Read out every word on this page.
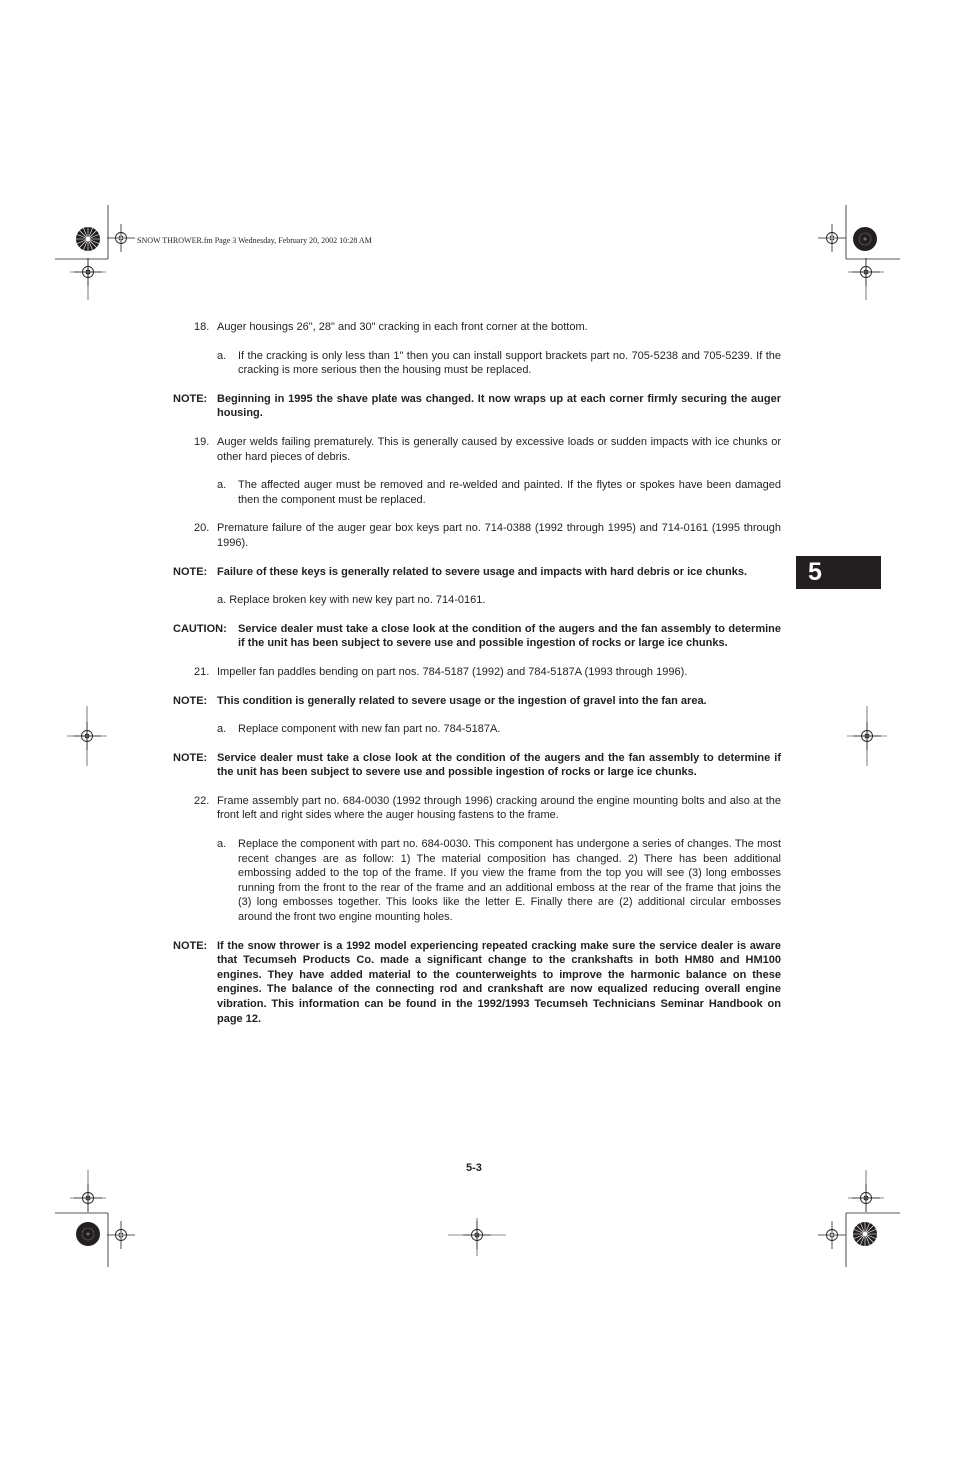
SNOW THROWER.fm Page 3 Wednesday, February 20, 2002 10:28 AM
18. Auger housings 26", 28" and 30" cracking in each front corner at the bottom.
a. If the cracking is only less than 1" then you can install support brackets part no. 705-5238 and 705-5239. If the cracking is more serious then the housing must be replaced.
NOTE: Beginning in 1995 the shave plate was changed. It now wraps up at each corner firmly securing the auger housing.
19. Auger welds failing prematurely. This is generally caused by excessive loads or sudden impacts with ice chunks or other hard pieces of debris.
a. The affected auger must be removed and re-welded and painted. If the flytes or spokes have been damaged then the component must be replaced.
20. Premature failure of the auger gear box keys part no. 714-0388 (1992 through 1995) and 714-0161 (1995 through 1996).
NOTE: Failure of these keys is generally related to severe usage and impacts with hard debris or ice chunks.
a. Replace broken key with new key part no. 714-0161.
CAUTION: Service dealer must take a close look at the condition of the augers and the fan assembly to determine if the unit has been subject to severe use and possible ingestion of rocks or large ice chunks.
21. Impeller fan paddles bending on part nos. 784-5187 (1992) and 784-5187A (1993 through 1996).
NOTE: This condition is generally related to severe usage or the ingestion of gravel into the fan area.
a. Replace component with new fan part no. 784-5187A.
NOTE: Service dealer must take a close look at the condition of the augers and the fan assembly to determine if the unit has been subject to severe use and possible ingestion of rocks or large ice chunks.
22. Frame assembly part no. 684-0030 (1992 through 1996) cracking around the engine mounting bolts and also at the front left and right sides where the auger housing fastens to the frame.
a. Replace the component with part no. 684-0030. This component has undergone a series of changes. The most recent changes are as follow: 1) The material composition has changed. 2) There has been additional embossing added to the top of the frame. If you view the frame from the top you will see (3) long embosses running from the front to the rear of the frame and an additional emboss at the rear of the frame that joins the (3) long embosses together. This looks like the letter E. Finally there are (2) additional circular embosses around the front two engine mounting holes.
NOTE: If the snow thrower is a 1992 model experiencing repeated cracking make sure the service dealer is aware that Tecumseh Products Co. made a significant change to the crankshafts in both HM80 and HM100 engines. They have added material to the counterweights to improve the harmonic balance on these engines. The balance of the connecting rod and crankshaft are now equalized reducing overall engine vibration. This information can be found in the 1992/1993 Tecumseh Technicians Seminar Handbook on page 12.
5
5-3
